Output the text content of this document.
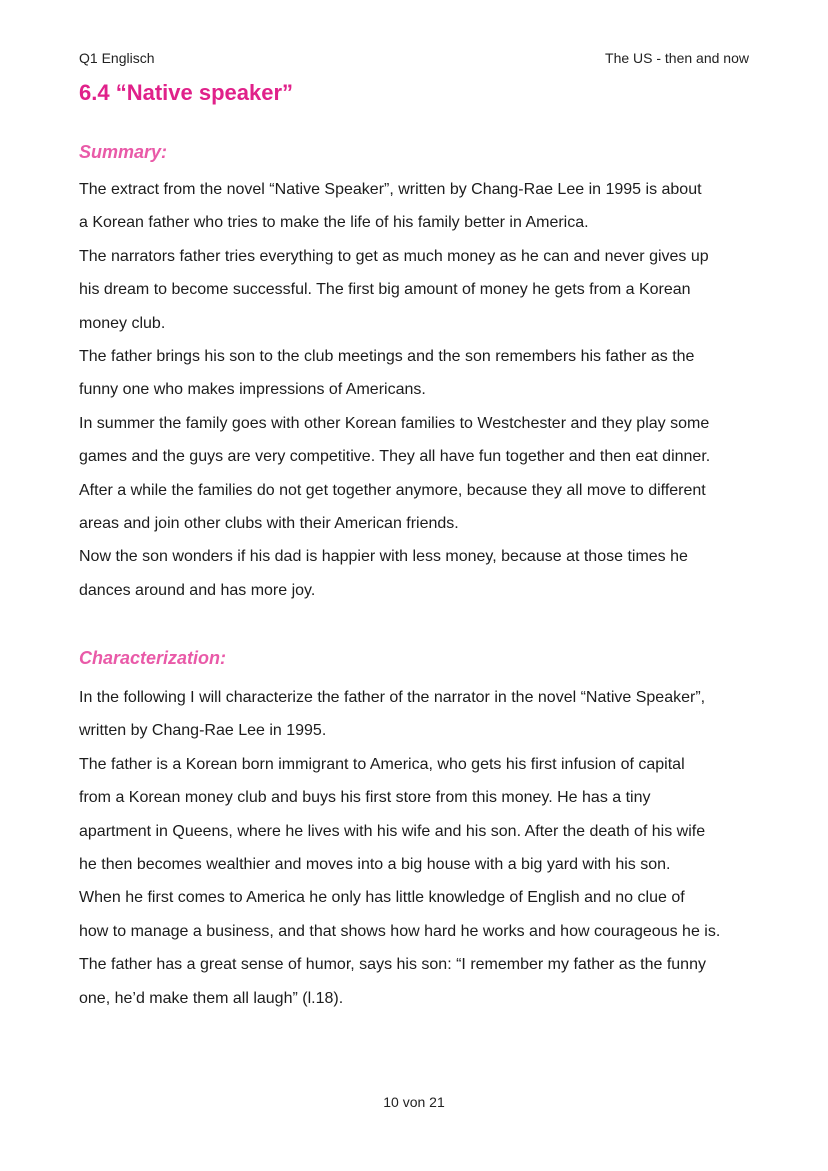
Q1 Englisch	The US - then and now
6.4 “Native speaker”
Summary:

The extract from the novel “Native Speaker”, written by Chang-Rae Lee in 1995 is about

a Korean father who tries to make the life of his family better in America.

The narrators father tries everything to get as much money as he can and never gives up

his dream to become successful. The first big amount of money he gets from a Korean

money club.

The father brings his son to the club meetings and the son remembers his father as the

funny one who makes impressions of Americans.

In summer the family goes with other Korean families to Westchester and they play some

games and the guys are very competitive. They all have fun together and then eat dinner.

After a while the families do not get together anymore, because they all move to different

areas and join other clubs with their American friends.

Now the son wonders if his dad is happier with less money, because at those times he

dances around and has more joy.

Characterization:

In the following I will characterize the father of the narrator in the novel “Native Speaker”,

written by Chang-Rae Lee in 1995.

The father is a Korean born immigrant to America, who gets his first infusion of capital

from a Korean money club and buys his first store from this money. He has a tiny

apartment in Queens, where he lives with his wife and his son. After the death of his wife

he then becomes wealthier and moves into a big house with a big yard with his son.

When he first comes to America he only has little knowledge of English and no clue of

how to manage a business, and that shows how hard he works and how courageous he is.

The father has a great sense of humor, says his son: “I remember my father as the funny

one, he’d make them all laugh” (l.18).

10 von 21
